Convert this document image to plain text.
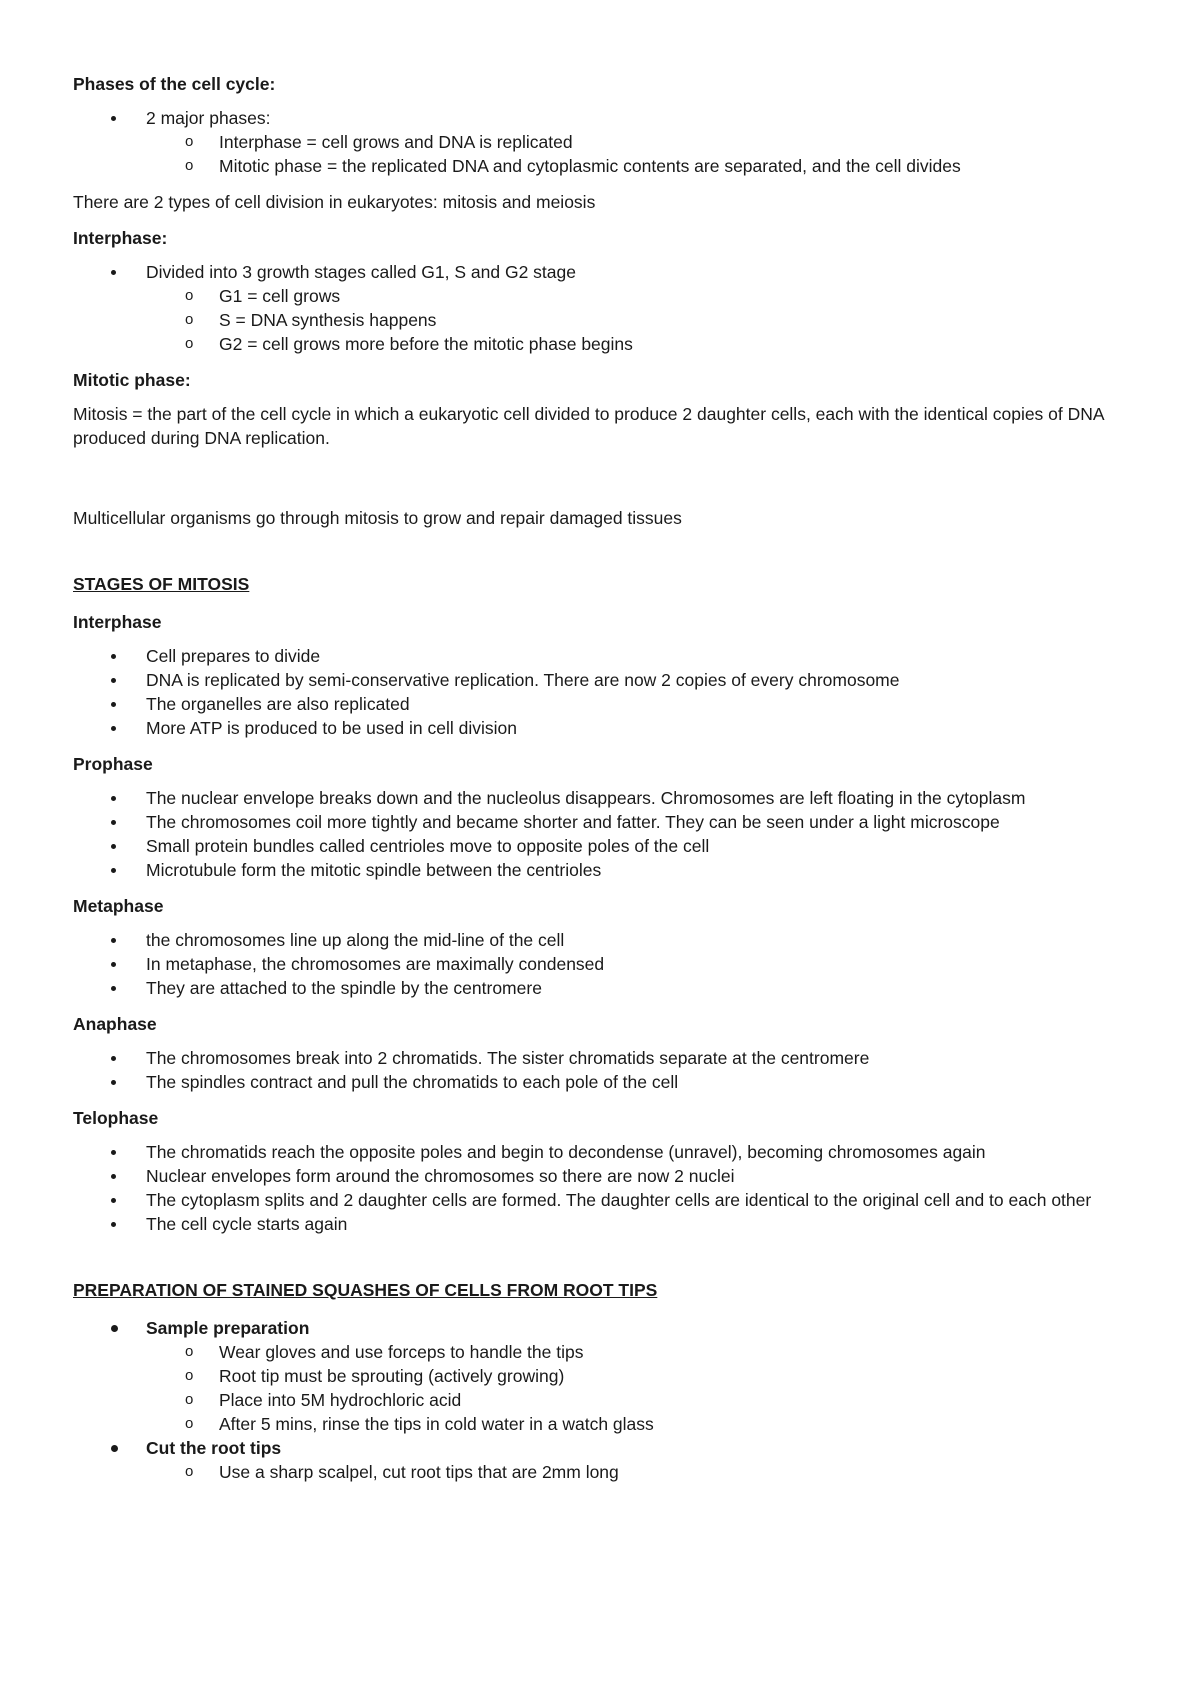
Phases of the cell cycle:
2 major phases:
o Interphase = cell grows and DNA is replicated
o Mitotic phase = the replicated DNA and cytoplasmic contents are separated, and the cell divides
There are 2 types of cell division in eukaryotes: mitosis and meiosis
Interphase:
Divided into 3 growth stages called G1, S and G2 stage
o G1 = cell grows
o S = DNA synthesis happens
o G2 = cell grows more before the mitotic phase begins
Mitotic phase:
Mitosis = the part of the cell cycle in which a eukaryotic cell divided to produce 2 daughter cells, each with the identical copies of DNA produced during DNA replication.
Multicellular organisms go through mitosis to grow and repair damaged tissues
STAGES OF MITOSIS
Interphase
Cell prepares to divide
DNA is replicated by semi-conservative replication. There are now 2 copies of every chromosome
The organelles are also replicated
More ATP is produced to be used in cell division
Prophase
The nuclear envelope breaks down and the nucleolus disappears. Chromosomes are left floating in the cytoplasm
The chromosomes coil more tightly and became shorter and fatter. They can be seen under a light microscope
Small protein bundles called centrioles move to opposite poles of the cell
Microtubule form the mitotic spindle between the centrioles
Metaphase
the chromosomes line up along the mid-line of the cell
In metaphase, the chromosomes are maximally condensed
They are attached to the spindle by the centromere
Anaphase
The chromosomes break into 2 chromatids. The sister chromatids separate at the centromere
The spindles contract and pull the chromatids to each pole of the cell
Telophase
The chromatids reach the opposite poles and begin to decondense (unravel), becoming chromosomes again
Nuclear envelopes form around the chromosomes so there are now 2 nuclei
The cytoplasm splits and 2 daughter cells are formed. The daughter cells are identical to the original cell and to each other
The cell cycle starts again
PREPARATION OF STAINED SQUASHES OF CELLS FROM ROOT TIPS
Sample preparation
o Wear gloves and use forceps to handle the tips
o Root tip must be sprouting (actively growing)
o Place into 5M hydrochloric acid
o After 5 mins, rinse the tips in cold water in a watch glass
Cut the root tips
o Use a sharp scalpel, cut root tips that are 2mm long
